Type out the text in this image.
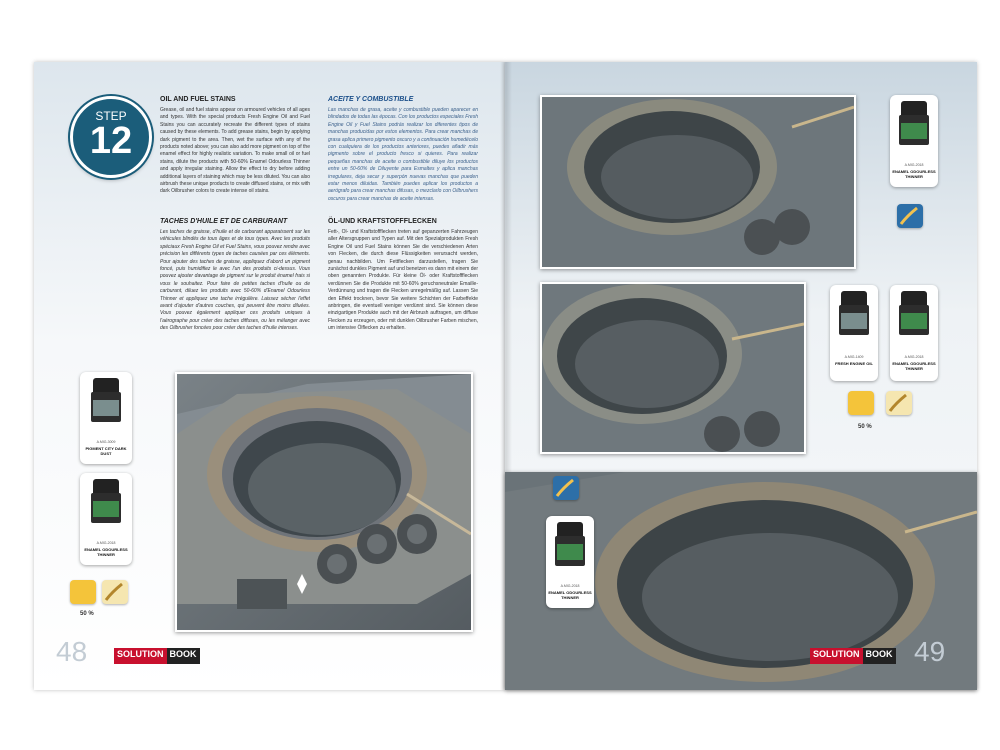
STEP
12
OIL AND FUEL STAINS
Grease, oil and fuel stains appear on armoured vehicles of all ages and types. With the special products Fresh Engine Oil and Fuel Stains you can accurately recreate the different types of stains caused by these elements. To add grease stains, begin by applying dark pigment to the area. Then, wet the surface with any of the products noted above; you can also add more pigment on top of the enamel effect for highly realistic variation. To make small oil or fuel stains, dilute the products with 50-60% Enamel Odourless Thinner and apply irregular staining. Allow the effect to dry before adding additional layers of staining which may be less diluted. You can also airbrush these unique products to create diffused stains, or mix with dark Oilbrusher colors to create intense oil stains.
ACEITE Y COMBUSTIBLE
Las manchas de grasa, aceite y combustible pueden aparecer en blindados de todas las épocas. Con los productos especiales Fresh Engine Oil y Fuel Stains podrás realizar los diferentes tipos de manchas producidas por estos elementos. Para crear manchas de grasa aplica primero pigmento oscuro y a continuación humedécelo con cualquiera de los productos anteriores, puedes añadir más pigmento sobre el producto fresco si quieres. Para realizar pequeñas manchas de aceite o combustible diluye los productos entre un 50-60% de Diluyente para Esmaltes y aplica manchas irregulares, deja secar y superpón nuevas manchas que pueden estar menos diluidas. También puedes aplicar los productos a aerógrafo para crear manchas difusas, o mezclarlo con Oilbrushers oscuros para crear manchas de aceite intensas.
TACHES D'HUILE ET DE CARBURANT
Les taches de graisse, d'huile et de carburant apparaissent sur les véhicules blindés de tous âges et de tous types. Avec les produits spéciaux Fresh Engine Oil et Fuel Stains, vous pouvez rendre avec précision les différents types de taches causées par ces éléments. Pour ajouter des taches de graisse, appliquez d'abord un pigment foncé, puis humidifiez le avec l'un des produits ci-dessus. Vous pouvez ajouter davantage de pigment sur le produit énamel frais si vous le souhaitez. Pour faire de petites taches d'huile ou de carburant, diluez les produits avec 50-60% d'Enamel Odourless Thinner et appliquez une tache irrégulière. Laissez sécher l'effet avant d'ajouter d'autres couches, qui peuvent être moins diluées. Vous pouvez également appliquer ces produits uniques à l'aérographe pour créer des taches diffuses, ou les mélanger avec des Oilbrusher foncées pour créer des taches d'huile intenses.
ÖL-UND KRAFTSTOFFFLECKEN
Fett-, Öl- und Kraftstoffflecken treten auf gepanzerten Fahrzeugen aller Altersgruppen und Typen auf. Mit den Spezialprodukten Fresh Engine Oil und Fuel Stains können Sie die verschiedenen Arten von Flecken, die durch diese Flüssigkeiten verursacht werden, genau nachbilden. Um Fettflecken darzustellen, tragen Sie zunächst dunkles Pigment auf und benetzen es dann mit einem der oben genannten Produkte. Für kleine Öl- oder Kraftstoffflecken verdünnen Sie die Produkte mit 50-60% geruchsneutraler Emaille-Verdünnung und tragen die Flecken unregelmäßig auf. Lassen Sie den Effekt trocknen, bevor Sie weitere Schichten der Farbeffekte anbringen, die eventuell weniger verdünnt sind. Sie können diese einzigartigen Produkte auch mit der Airbrush auftragen, um diffuse Flecken zu erzeugen, oder mit dunklen Oilbrusher Farben mischen, um intensive Ölflecken zu erhalten.
A.MIG-3009
PIGMENT CITY DARK DUST
A.MIG-2018
ENAMEL ODOURLESS THINNER
50 %
48	SOLUTION BOOK
A.MIG-2018
ENAMEL ODOURLESS THINNER
A.MIG-1409
FRESH ENGINE OIL
A.MIG-2018
ENAMEL ODOURLESS THINNER
50 %
A.MIG-2018
ENAMEL ODOURLESS THINNER
SOLUTION BOOK 49
